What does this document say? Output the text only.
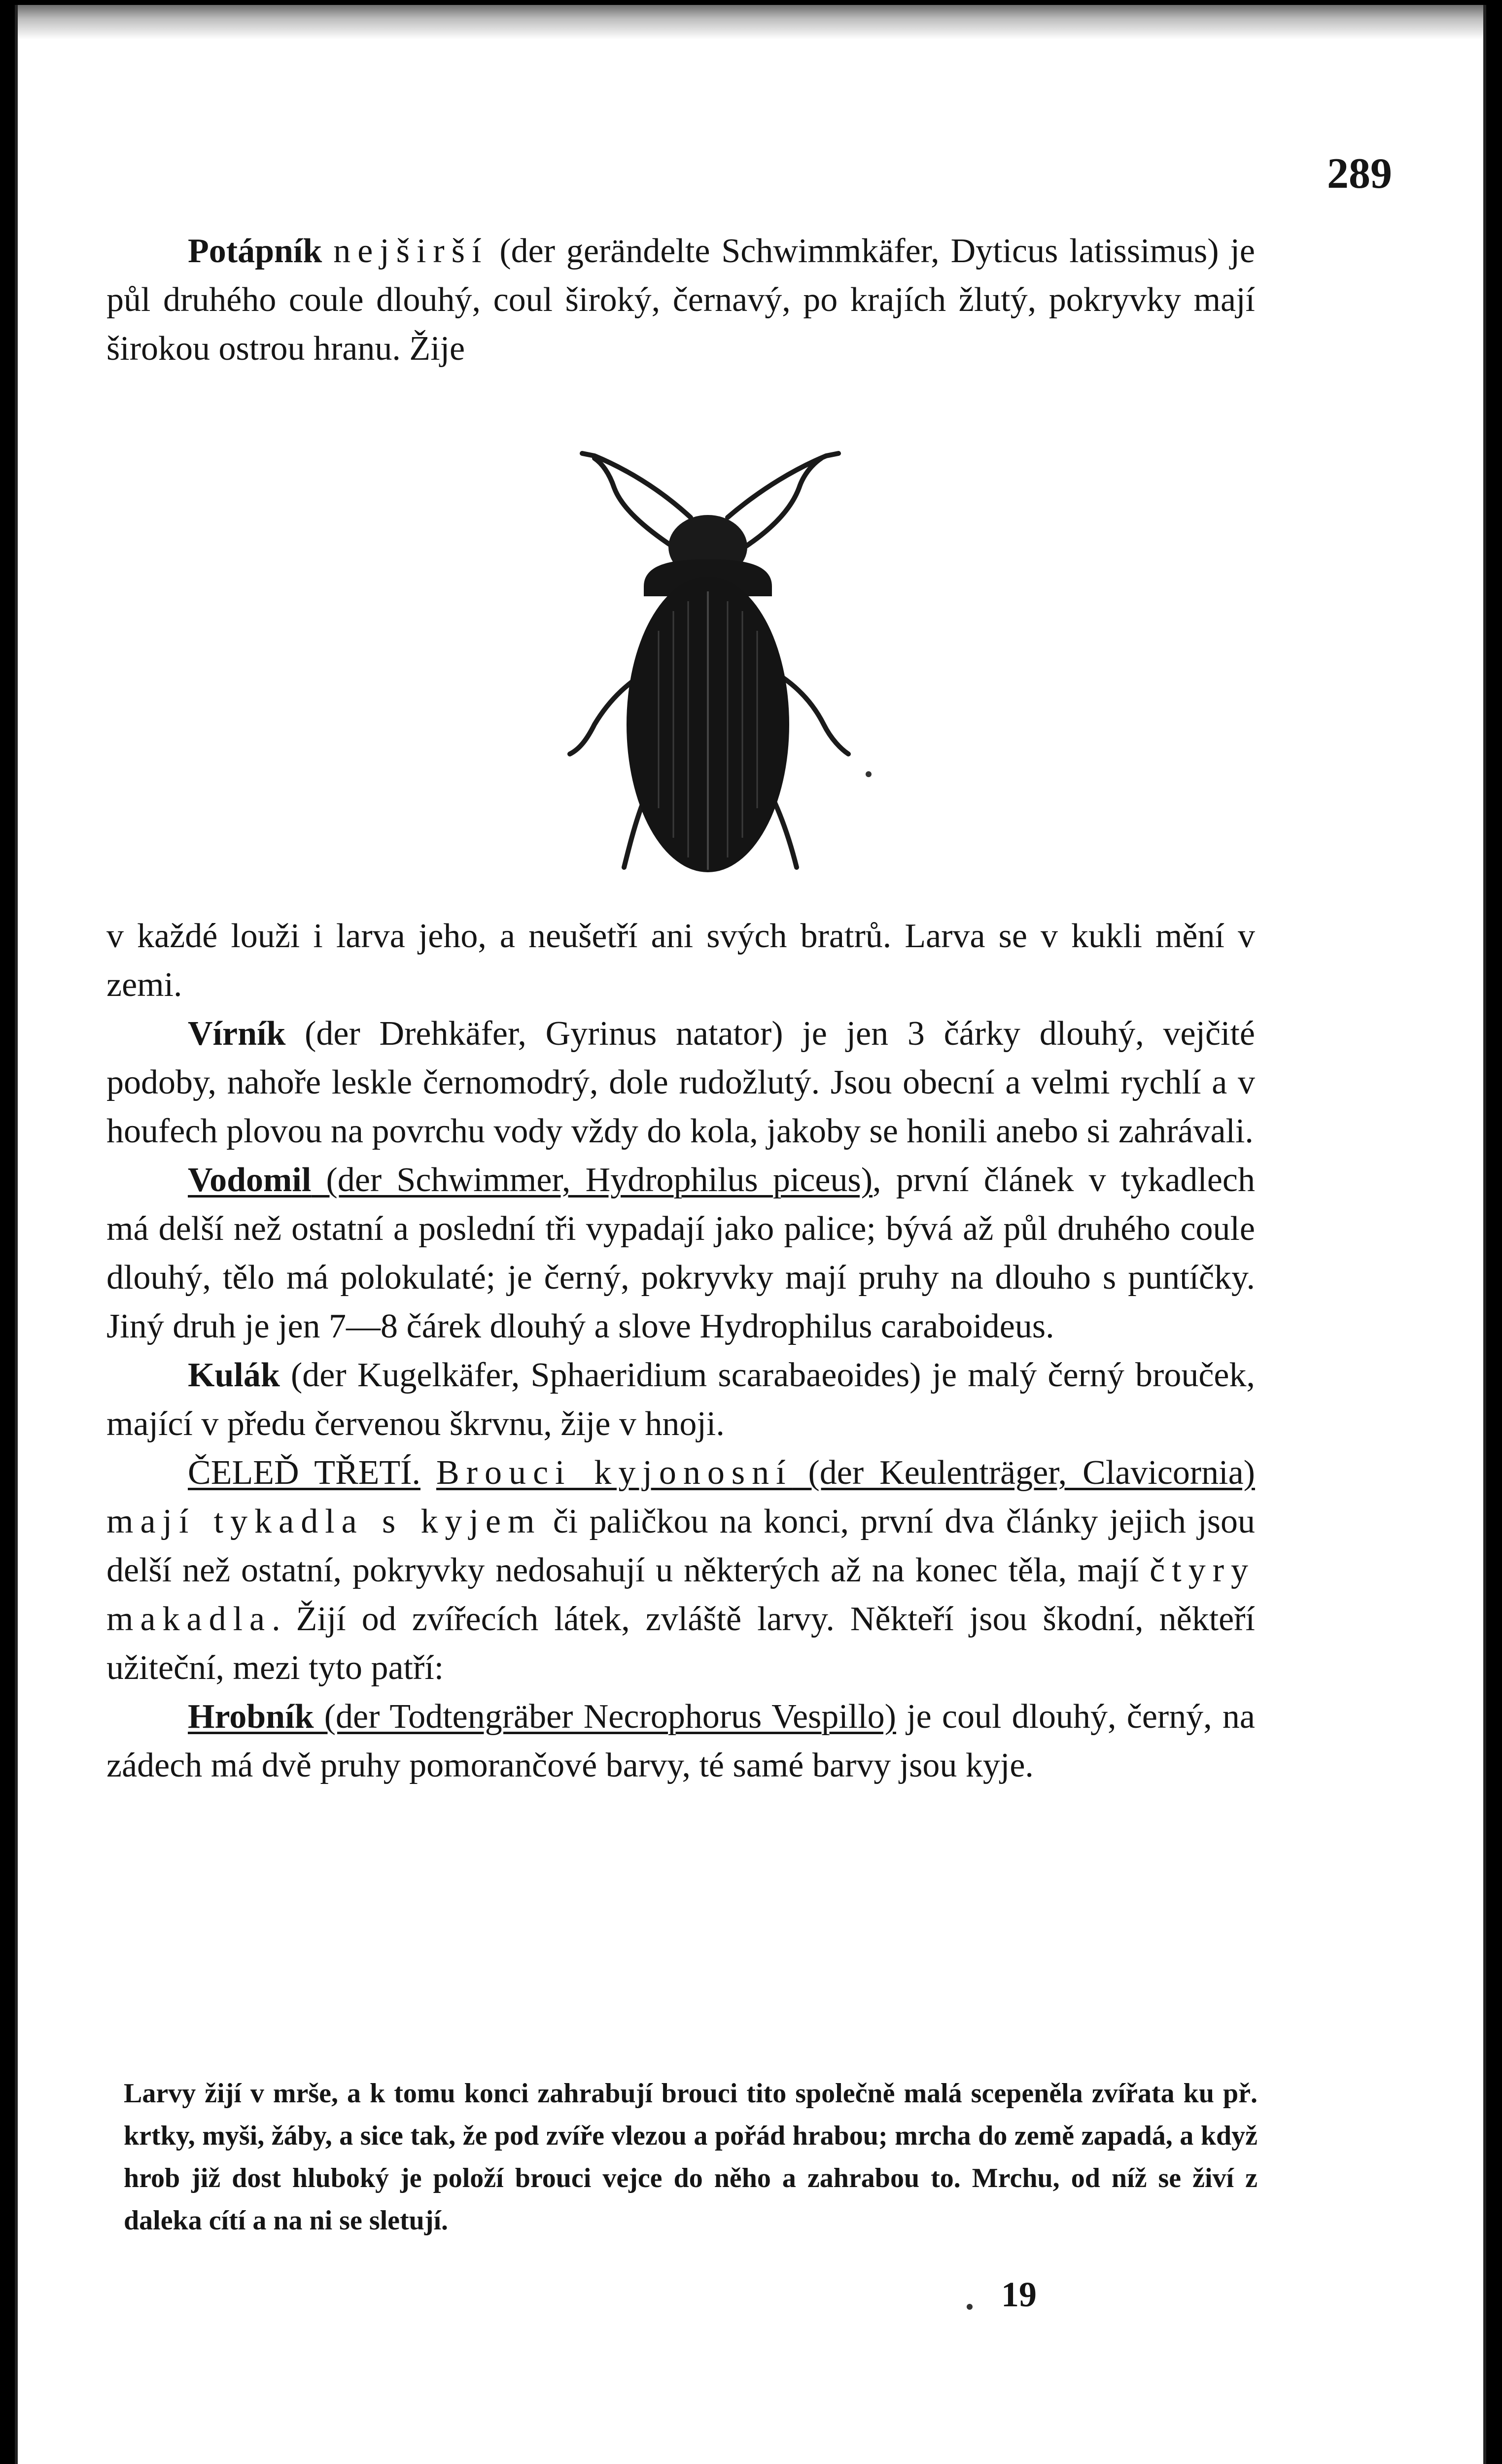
289

Potápník nejširší (der gerändelte Schwimmkäfer, Dyticus latissimus) je půl druhého coule dlouhý, coul široký, černavý, po krajích žlutý, pokryvky mají širokou ostrou hranu. Žije

v každé louži i larva jeho, a neušetří ani svých bratrů. Larva se v kukli mění v zemi.

Vírník (der Drehkäfer, Gyrinus natator) je jen 3 čárky dlouhý, vejčité podoby, nahoře leskle černomodrý, dole rudožlutý. Jsou obecní a velmi rychlí a v houfech plovou na povrchu vody vždy do kola, jakoby se honili anebo si zahrávali.

Vodomil (der Schwimmer, Hydrophilus piceus), první článek v tykadlech má delší než ostatní a poslední tři vypadají jako palice; bývá až půl druhého coule dlouhý, tělo má polokulaté; je černý, pokryvky mají pruhy na dlouho s puntíčky. Jiný druh je jen 7—8 čárek dlouhý a slove Hydrophilus caraboideus.

Kulák (der Kugelkäfer, Sphaeridium scarabaeoides) je malý černý brouček, mající v předu červenou škrvnu, žije v hnoji.

ČELEĎ TŘETÍ. Brouci kyjonosní (der Keulenträger, Clavicornia) mají tykadla s kyjem či paličkou na konci, první dva články jejich jsou delší než ostatní, pokryvky nedosahují u některých až na konec těla, mají čtyry makadla. Žijí od zvířecích látek, zvláště larvy. Někteří jsou škodní, někteří užiteční, mezi tyto patří:

Hrobník (der Todtengräber Necrophorus Vespillo) je coul dlouhý, černý, na zádech má dvě pruhy pomorančové barvy, té samé barvy jsou kyje.

Larvy žijí v mrše, a k tomu konci zahrabují brouci tito společně malá scepeněla zvířata ku př. krtky, myši, žáby, a sice tak, že pod zvíře vlezou a pořád hrabou; mrcha do země zapadá, a když hrob již dost hluboký je položí brouci vejce do něho a zahrabou to. Mrchu, od níž se živí z daleka cítí a na ni se sletují.
19
